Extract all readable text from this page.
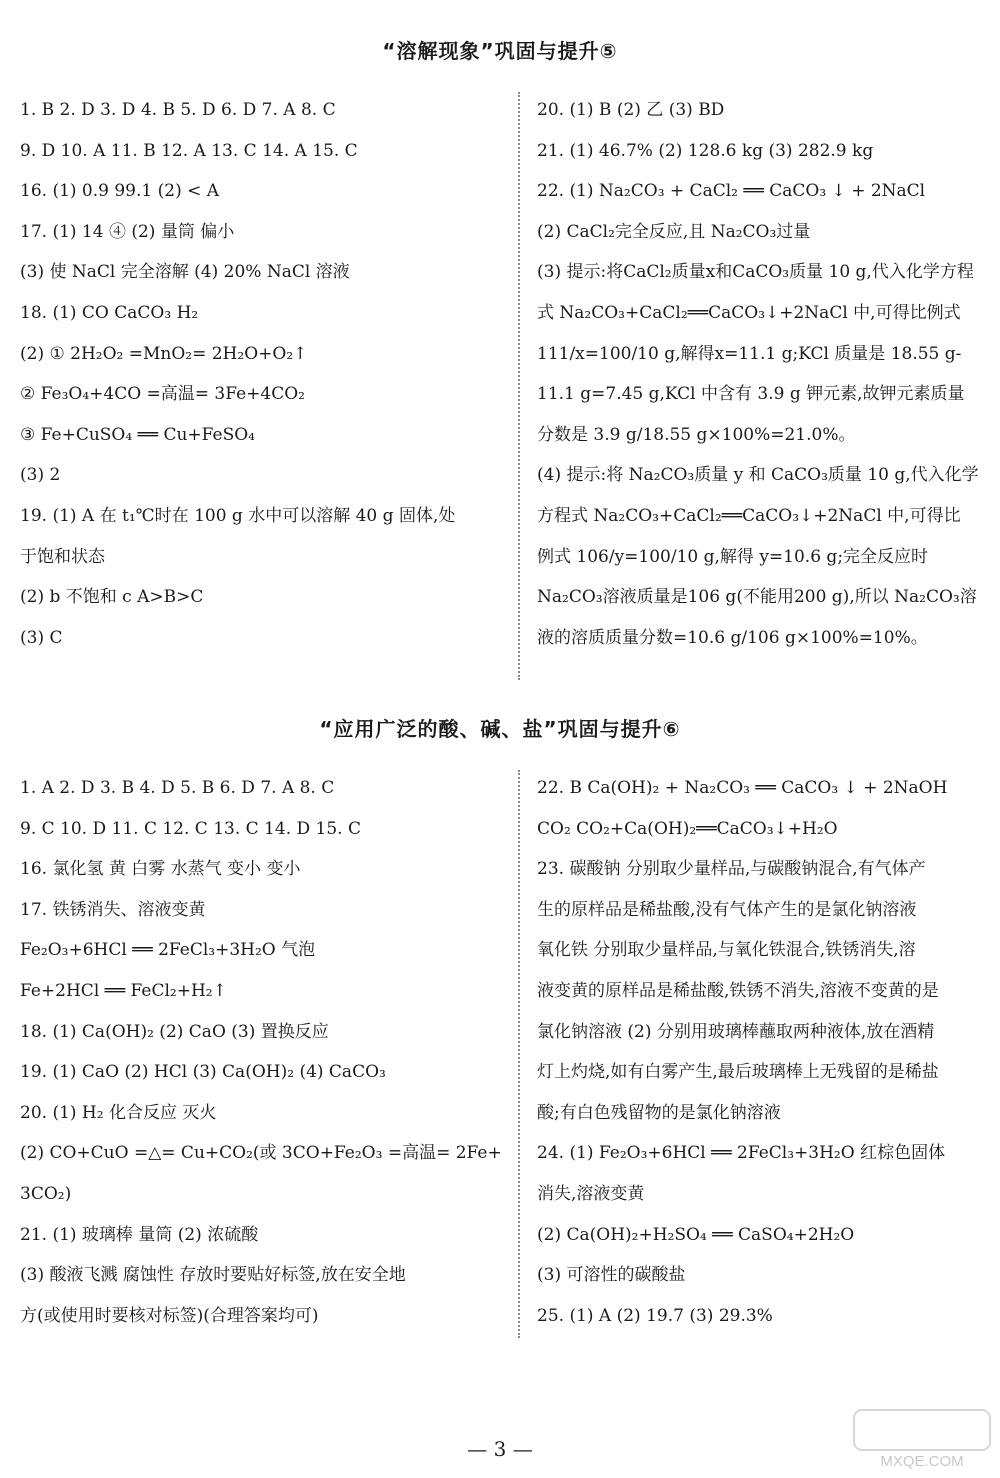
“溶解现象”巩固与提升⑤
1. B 2. D 3. D 4. B 5. D 6. D 7. A 8. C
9. D 10. A 11. B 12. A 13. C 14. A 15. C
16. (1) 0.9 99.1 (2) < A
17. (1) 14 ④ (2) 量筒 偏小
(3) 使 NaCl 完全溶解 (4) 20% NaCl 溶液
18. (1) CO CaCO₃ H₂
(2) ① 2H₂O₂ =MnO₂= 2H₂O+O₂↑
② Fe₃O₄+4CO =高温= 3Fe+4CO₂
③ Fe+CuSO₄ ══ Cu+FeSO₄
(3) 2
19. (1) A 在 t₁℃时在 100 g 水中可以溶解 40 g 固体,处
于饱和状态
(2) b 不饱和 c A>B>C
(3) C
20. (1) B (2) 乙 (3) BD
21. (1) 46.7% (2) 128.6 kg (3) 282.9 kg
22. (1) Na₂CO₃ + CaCl₂ ══ CaCO₃ ↓ + 2NaCl
(2) CaCl₂完全反应,且 Na₂CO₃过量
(3) 提示:将CaCl₂质量x和CaCO₃质量 10 g,代入化学方程
式 Na₂CO₃+CaCl₂══CaCO₃↓+2NaCl 中,可得比例式
111/x=100/10 g,解得x=11.1 g;KCl 质量是 18.55 g-
11.1 g=7.45 g,KCl 中含有 3.9 g 钾元素,故钾元素质量
分数是 3.9 g/18.55 g×100%=21.0%。
(4) 提示:将 Na₂CO₃质量 y 和 CaCO₃质量 10 g,代入化学
方程式 Na₂CO₃+CaCl₂══CaCO₃↓+2NaCl 中,可得比
例式 106/y=100/10 g,解得 y=10.6 g;完全反应时
Na₂CO₃溶液质量是106 g(不能用200 g),所以 Na₂CO₃溶
液的溶质质量分数=10.6 g/106 g×100%=10%。
“应用广泛的酸、碱、盐”巩固与提升⑥
1. A 2. D 3. B 4. D 5. B 6. D 7. A 8. C
9. C 10. D 11. C 12. C 13. C 14. D 15. C
16. 氯化氢 黄 白雾 水蒸气 变小 变小
17. 铁锈消失、溶液变黄
Fe₂O₃+6HCl ══ 2FeCl₃+3H₂O 气泡
Fe+2HCl ══ FeCl₂+H₂↑
18. (1) Ca(OH)₂ (2) CaO (3) 置换反应
19. (1) CaO (2) HCl (3) Ca(OH)₂ (4) CaCO₃
20. (1) H₂ 化合反应 灭火
(2) CO+CuO =△= Cu+CO₂(或 3CO+Fe₂O₃ =高温= 2Fe+
3CO₂)
21. (1) 玻璃棒 量筒 (2) 浓硫酸
(3) 酸液飞溅 腐蚀性 存放时要贴好标签,放在安全地
方(或使用时要核对标签)(合理答案均可)
22. B Ca(OH)₂ + Na₂CO₃ ══ CaCO₃ ↓ + 2NaOH
CO₂ CO₂+Ca(OH)₂══CaCO₃↓+H₂O
23. 碳酸钠 分别取少量样品,与碳酸钠混合,有气体产
生的原样品是稀盐酸,没有气体产生的是氯化钠溶液
氧化铁 分别取少量样品,与氧化铁混合,铁锈消失,溶
液变黄的原样品是稀盐酸,铁锈不消失,溶液不变黄的是
氯化钠溶液 (2) 分别用玻璃棒蘸取两种液体,放在酒精
灯上灼烧,如有白雾产生,最后玻璃棒上无残留的是稀盐
酸;有白色残留物的是氯化钠溶液
24. (1) Fe₂O₃+6HCl ══ 2FeCl₃+3H₂O 红棕色固体
消失,溶液变黄
(2) Ca(OH)₂+H₂SO₄ ══ CaSO₄+2H₂O
(3) 可溶性的碳酸盐
25. (1) A (2) 19.7 (3) 29.3%
— 3 —
MXQE.COM
